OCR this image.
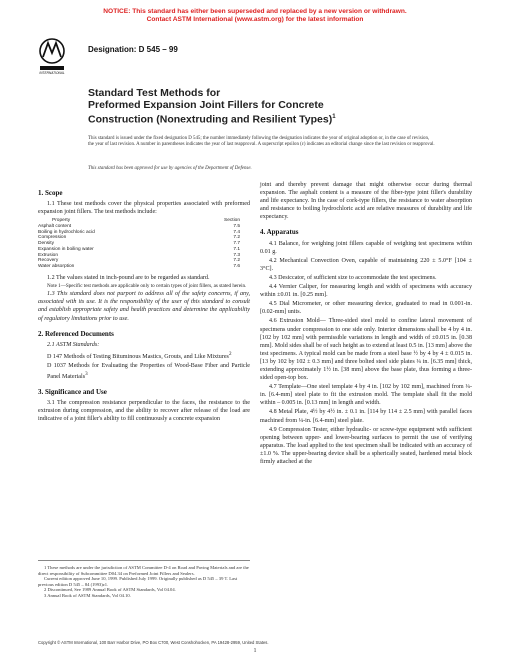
NOTICE: This standard has either been superseded and replaced by a new version or withdrawn.
Contact ASTM International (www.astm.org) for the latest information
INTERNATIONAL
Designation: D 545 – 99
Standard Test Methods for
Preformed Expansion Joint Fillers for Concrete
Construction (Nonextruding and Resilient Types)$^1$
This standard is issued under the fixed designation D 545; the number immediately following the designation indicates the year of original adoption or, in the case of revision, the year of last revision. A number in parentheses indicates the year of last reapproval. A superscript epsilon (ε) indicates an editorial change since the last revision or reapproval.
This standard has been approved for use by agencies of the Department of Defense.
1. Scope

1.1 These test methods cover the physical properties associated with preformed expansion joint fillers. The test methods include:

Property	Section
Asphalt content	7.5
Boiling in hydrochloric acid	7.4
Compression	7.2
Density	7.7
Expansion in boiling water	7.1
Extrusion	7.3
Recovery	7.2
Water absorption	7.6

1.2 The values stated in inch-pound are to be regarded as standard.

Note 1—Specific test methods are applicable only to certain types of joint fillers, as stated herein.

1.3 This standard does not purport to address all of the safety concerns, if any, associated with its use. It is the responsibility of the user of this standard to consult and establish appropriate safety and health practices and determine the applicability of regulatory limitations prior to use.

2. Referenced Documents

2.1 ASTM Standards:

D 147 Methods of Testing Bituminous Mastics, Grouts, and Like Mixtures$^2$

D 1037 Methods for Evaluating the Properties of Wood-Base Fiber and Particle Panel Materials$^3$

3. Significance and Use

3.1 The compression resistance perpendicular to the faces, the resistance to the extrusion during compression, and the ability to recover after release of the load are indicative of a joint filler's ability to fill continuously a concrete expansion

joint and thereby prevent damage that might otherwise occur during thermal expansion. The asphalt content is a measure of the fiber-type joint filler's durability and life expectancy. In the case of cork-type fillers, the resistance to water absorption and resistance to boiling hydrochloric acid are relative measures of durability and life expectancy.

4. Apparatus

4.1 Balance, for weighing joint fillers capable of weighing test specimens within 0.01 g.

4.2 Mechanical Convection Oven, capable of maintaining 220 ± 5.0°F [104 ± 3°C].

4.3 Desiccator, of sufficient size to accommodate the test specimens.

4.4 Vernier Caliper, for measuring length and width of specimens with accuracy within ±0.01 in. [0.25 mm].

4.5 Dial Micrometer, or other measuring device, graduated to read in 0.001-in. [0.02-mm] units.

4.6 Extrusion Mold— Three-sided steel mold to confine lateral movement of specimens under compression to one side only. Interior dimensions shall be 4 by 4 in. [102 by 102 mm] with permissible variations in length and width of ±0.015 in. [0.38 mm]. Mold sides shall be of such height as to extend at least 0.5 in. [13 mm] above the test specimens. A typical mold can be made from a steel base ½ by 4 by 4 ± 0.015 in. [13 by 102 by 102 ± 0.3 mm] and three bolted steel side plates ¼ in. [6.35 mm] thick, extending approximately 1½ in. [38 mm] above the base plate, thus forming a three-sided open-top box.

4.7 Template—One steel template 4 by 4 in. [102 by 102 mm], machined from ¼-in. [6.4-mm] steel plate to fit the extrusion mold. The template shall fit the mold within – 0.005 in. [0.13 mm] in length and width.

4.8 Metal Plate, 4½ by 4½ in. ± 0.1 in. [114 by 114 ± 2.5 mm] with parallel faces machined from ¼-in. [6.4-mm] steel plate.

4.9 Compression Tester, either hydraulic- or screw-type equipment with sufficient opening between upper- and lower-bearing surfaces to permit the use of verifying apparatus. The load applied to the test specimen shall be indicated with an accuracy of ±1.0 %. The upper-bearing device shall be a spherically seated, hardened metal block firmly attached at the

1 These methods are under the jurisdiction of ASTM Committee D-4 on Road and Paving Materials and are the direct responsibility of Subcommittee D04.34 on Preformed Joint Fillers and Sealers.

Current edition approved June 10, 1999. Published July 1999. Originally published as D 545 – 39 T. Last previous edition D 545 – 84 (1993)ε1.

2 Discontinued, See 1989 Annual Book of ASTM Standards, Vol 04.04.

3 Annual Book of ASTM Standards, Vol 04.10.

Copyright © ASTM International, 100 Barr Harbor Drive, PO Box C700, West Conshohocken, PA 19428-2959, United States.
1
